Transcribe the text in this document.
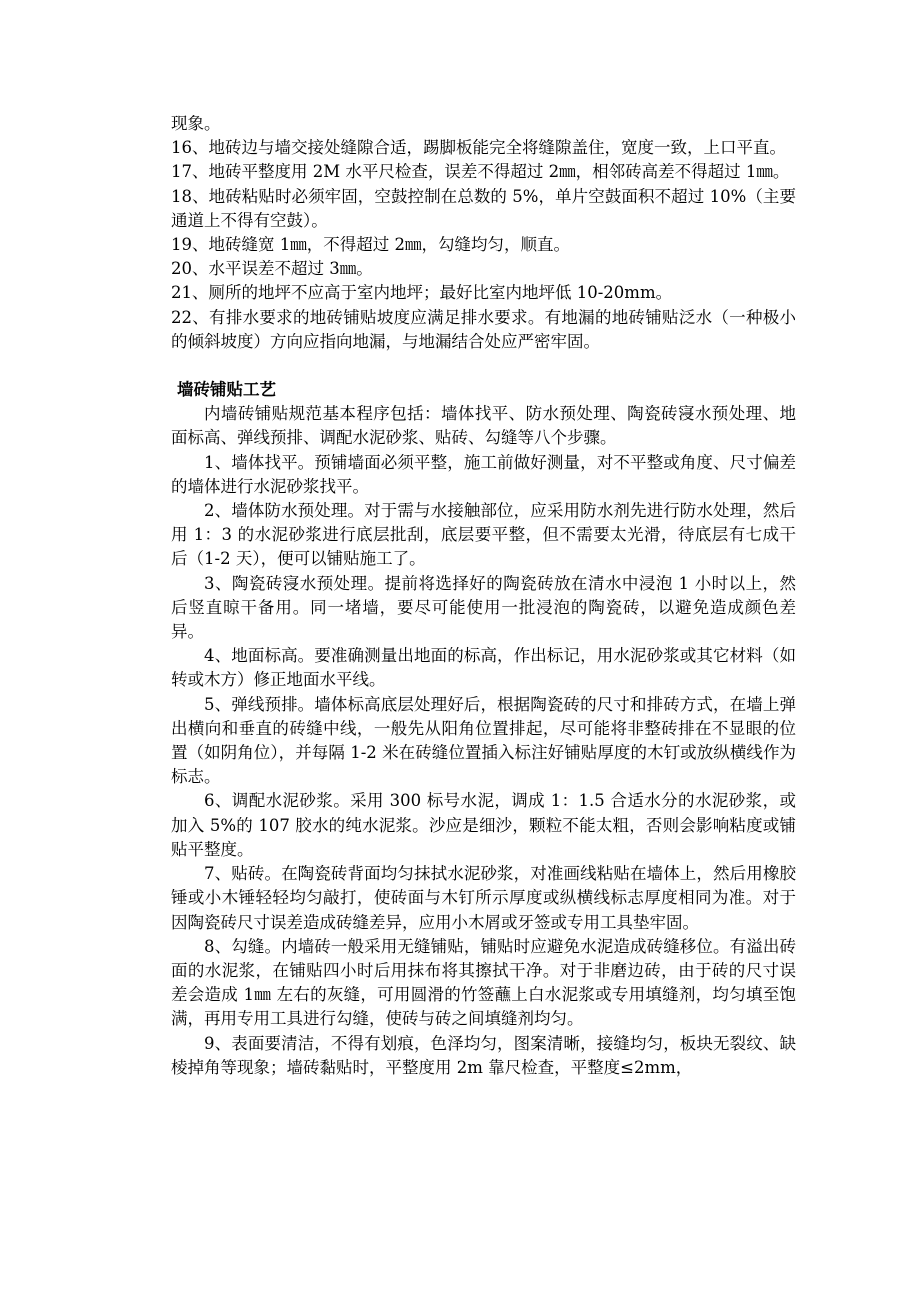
现象。

16、地砖边与墙交接处缝隙合适，踢脚板能完全将缝隙盖住，宽度一致，上口平直。

17、地砖平整度用 2M 水平尺检查，误差不得超过 2㎜，相邻砖高差不得超过 1㎜。

18、地砖粘贴时必须牢固，空鼓控制在总数的 5%，单片空鼓面积不超过 10%（主要通道上不得有空鼓）。

19、地砖缝宽 1㎜，不得超过 2㎜，勾缝均匀，顺直。

20、水平误差不超过 3㎜。

21、厕所的地坪不应高于室内地坪；最好比室内地坪低 10-20mm。

22、有排水要求的地砖铺贴坡度应满足排水要求。有地漏的地砖铺贴泛水（一种极小的倾斜坡度）方向应指向地漏，与地漏结合处应严密牢固。

墙砖铺贴工艺

内墙砖铺贴规范基本程序包括：墙体找平、防水预处理、陶瓷砖寖水预处理、地面标高、弹线预排、调配水泥砂浆、贴砖、勾缝等八个步骤。

1、墙体找平。预铺墙面必须平整，施工前做好测量，对不平整或角度、尺寸偏差的墙体进行水泥砂浆找平。

2、墙体防水预处理。对于需与水接触部位，应采用防水剂先进行防水处理，然后用 1：3 的水泥砂浆进行底层批刮，底层要平整，但不需要太光滑，待底层有七成干后（1-2 天），便可以铺贴施工了。

3、陶瓷砖寖水预处理。提前将选择好的陶瓷砖放在清水中浸泡 1 小时以上，然后竖直晾干备用。同一堵墙，要尽可能使用一批浸泡的陶瓷砖，以避免造成颜色差异。

4、地面标高。要准确测量出地面的标高，作出标记，用水泥砂浆或其它材料（如转或木方）修正地面水平线。

5、弹线预排。墙体标高底层处理好后，根据陶瓷砖的尺寸和排砖方式，在墙上弹出横向和垂直的砖缝中线，一般先从阳角位置排起，尽可能将非整砖排在不显眼的位置（如阴角位），并每隔 1-2 米在砖缝位置插入标注好铺贴厚度的木钉或放纵横线作为标志。

6、调配水泥砂浆。采用 300 标号水泥，调成 1：1.5 合适水分的水泥砂浆，或加入 5%的 107 胶水的纯水泥浆。沙应是细沙，颗粒不能太粗，否则会影响粘度或铺贴平整度。

7、贴砖。在陶瓷砖背面均匀抹拭水泥砂浆，对准画线粘贴在墙体上，然后用橡胶锤或小木锤轻轻均匀敲打，使砖面与木钉所示厚度或纵横线标志厚度相同为准。对于因陶瓷砖尺寸误差造成砖缝差异，应用小木屑或牙签或专用工具垫牢固。

8、勾缝。内墙砖一般采用无缝铺贴，铺贴时应避免水泥造成砖缝移位。有溢出砖面的水泥浆，在铺贴四小时后用抹布将其擦拭干净。对于非磨边砖，由于砖的尺寸误差会造成 1㎜ 左右的灰缝，可用圆滑的竹签蘸上白水泥浆或专用填缝剂，均匀填至饱满，再用专用工具进行勾缝，使砖与砖之间填缝剂均匀。

9、表面要清洁，不得有划痕，色泽均匀，图案清晰，接缝均匀，板块无裂纹、缺棱掉角等现象；墙砖黏贴时，平整度用 2m 靠尺检查，平整度≤2mm，
